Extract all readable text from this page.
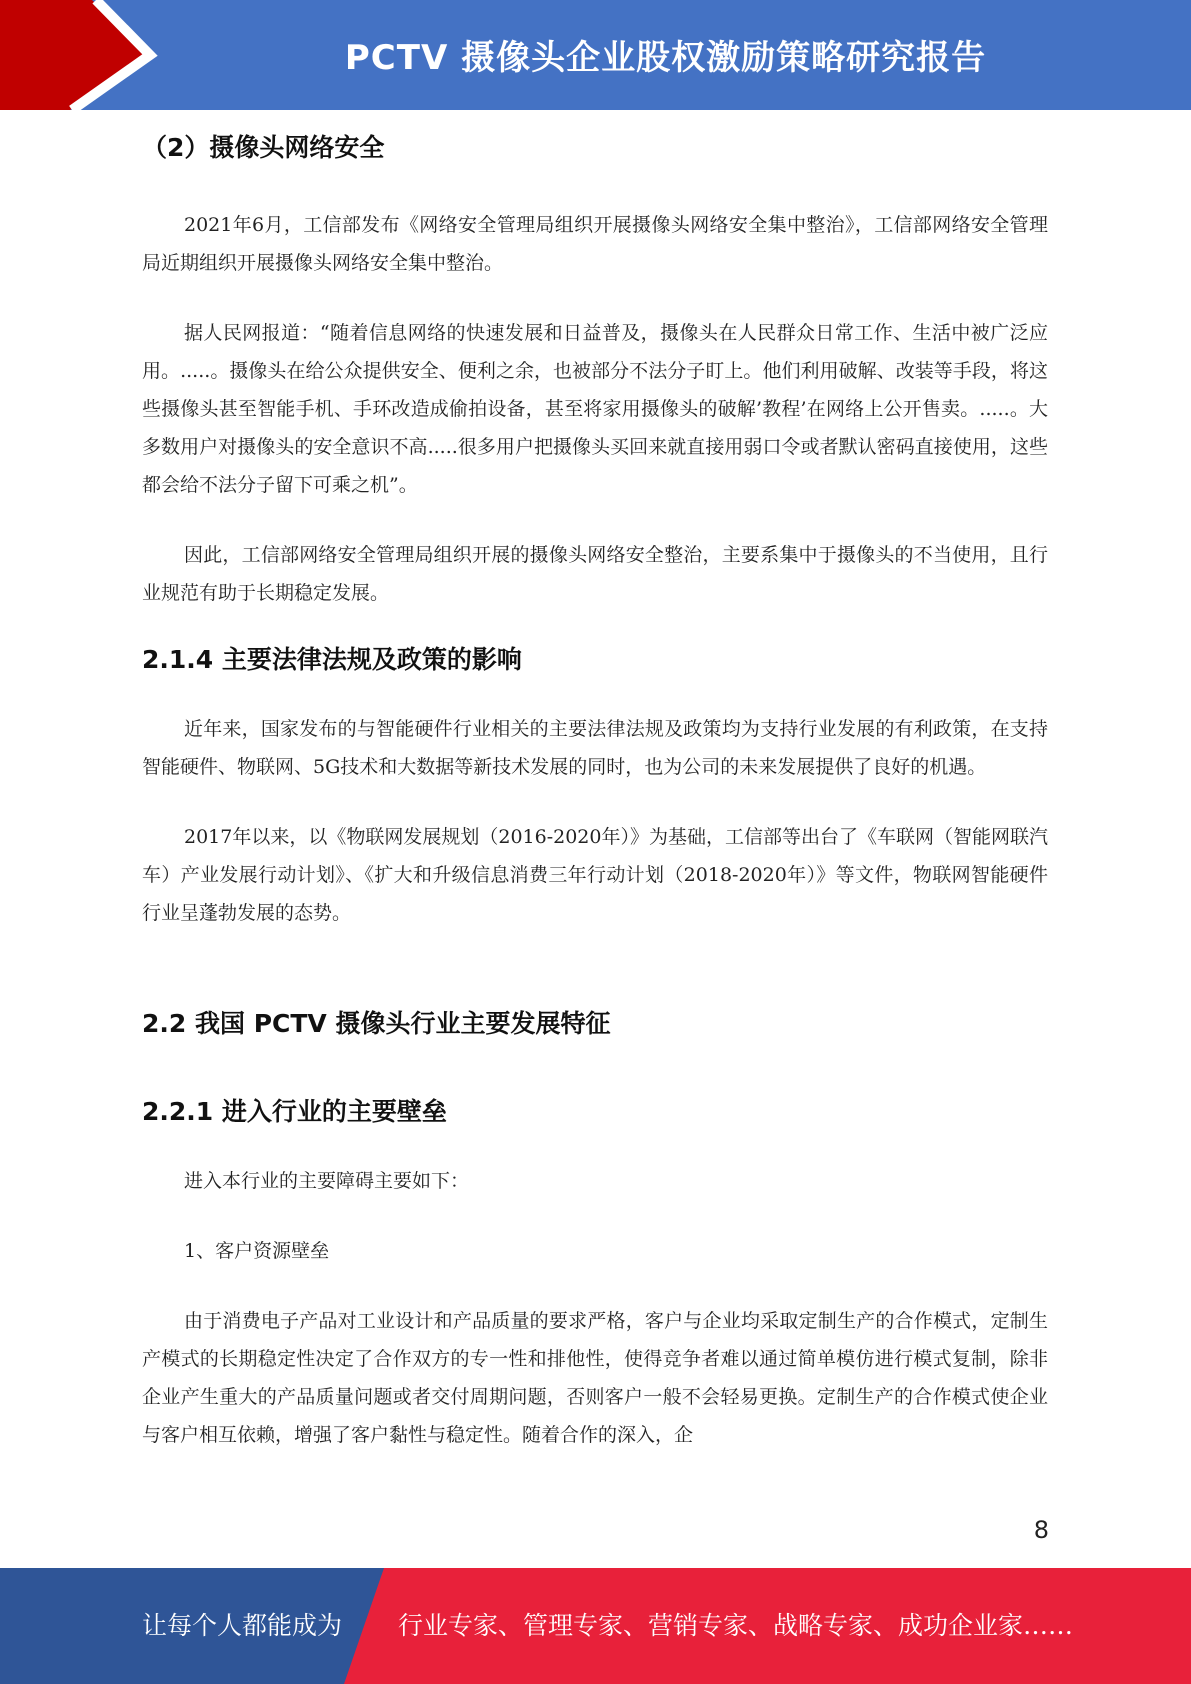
PCTV 摄像头企业股权激励策略研究报告
（2）摄像头网络安全

2021年6月，工信部发布《网络安全管理局组织开展摄像头网络安全集中整治》，工信部网络安全管理局近期组织开展摄像头网络安全集中整治。

据人民网报道：“随着信息网络的快速发展和日益普及，摄像头在人民群众日常工作、生活中被广泛应用。.....。摄像头在给公众提供安全、便利之余，也被部分不法分子盯上。他们利用破解、改装等手段，将这些摄像头甚至智能手机、手环改造成偷拍设备，甚至将家用摄像头的破解’教程’在网络上公开售卖。.....。大多数用户对摄像头的安全意识不高.....很多用户把摄像头买回来就直接用弱口令或者默认密码直接使用，这些都会给不法分子留下可乘之机”。

因此，工信部网络安全管理局组织开展的摄像头网络安全整治，主要系集中于摄像头的不当使用，且行业规范有助于长期稳定发展。

2.1.4 主要法律法规及政策的影响

近年来，国家发布的与智能硬件行业相关的主要法律法规及政策均为支持行业发展的有利政策，在支持智能硬件、物联网、5G技术和大数据等新技术发展的同时，也为公司的未来发展提供了良好的机遇。

2017年以来，以《物联网发展规划（2016-2020年）》为基础，工信部等出台了《车联网（智能网联汽车）产业发展行动计划》、《扩大和升级信息消费三年行动计划（2018-2020年）》等文件，物联网智能硬件行业呈蓬勃发展的态势。

2.2 我国 PCTV 摄像头行业主要发展特征
2.2.1 进入行业的主要壁垒

进入本行业的主要障碍主要如下：

1、客户资源壁垒

由于消费电子产品对工业设计和产品质量的要求严格，客户与企业均采取定制生产的合作模式，定制生产模式的长期稳定性决定了合作双方的专一性和排他性，使得竞争者难以通过简单模仿进行模式复制，除非企业产生重大的产品质量问题或者交付周期问题，否则客户一般不会轻易更换。定制生产的合作模式使企业与客户相互依赖，增强了客户黏性与稳定性。随着合作的深入，企

8
让每个人都能成为 行业专家、管理专家、营销专家、战略专家、成功企业家……
